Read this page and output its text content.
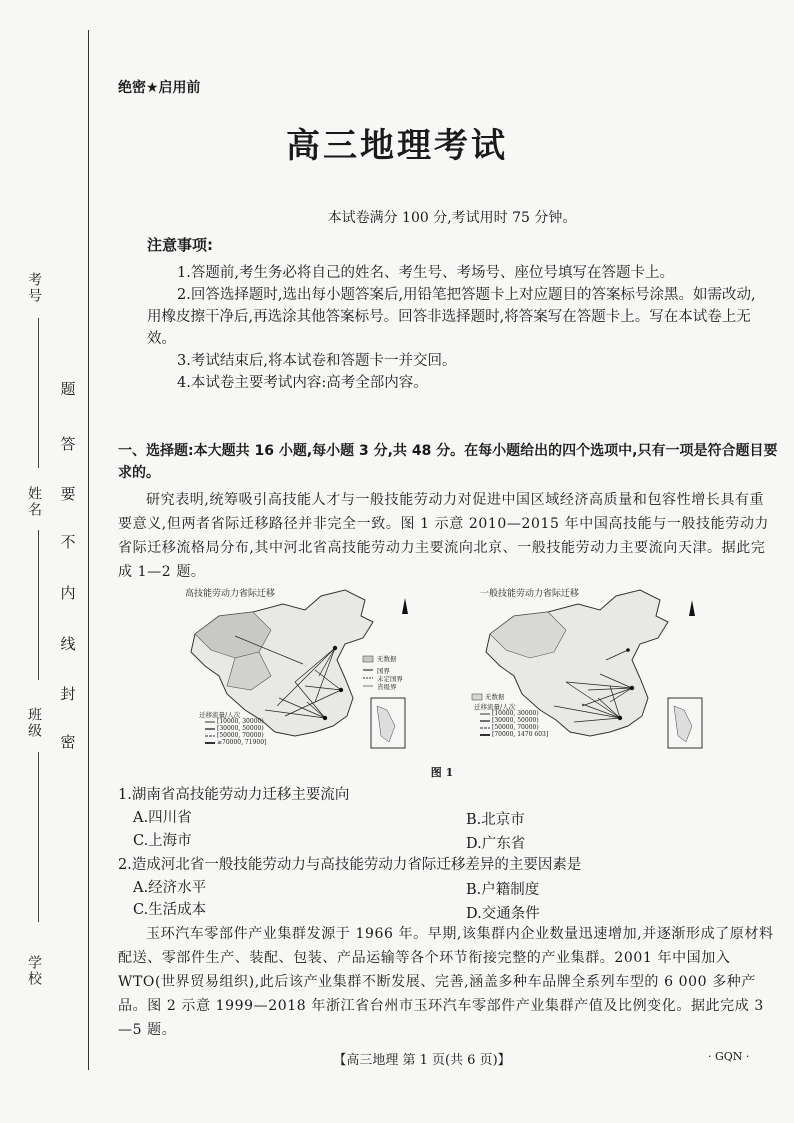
考号
姓名
班级
学校
题
答
要
不
内
线
封
密
绝密★启用前
高三地理考试
本试卷满分 100 分,考试用时 75 分钟。
注意事项:

1.答题前,考生务必将自己的姓名、考生号、考场号、座位号填写在答题卡上。

2.回答选择题时,选出每小题答案后,用铅笔把答题卡上对应题目的答案标号涂黑。如需改动,用橡皮擦干净后,再选涂其他答案标号。回答非选择题时,将答案写在答题卡上。写在本试卷上无效。

3.考试结束后,将本试卷和答题卡一并交回。

4.本试卷主要考试内容:高考全部内容。

一、选择题:本大题共 16 小题,每小题 3 分,共 48 分。在每小题给出的四个选项中,只有一项是符合题目要求的。
研究表明,统筹吸引高技能人才与一般技能劳动力对促进中国区域经济高质量和包容性增长具有重要意义,但两者省际迁移路径并非完全一致。图 1 示意 2010—2015 年中国高技能与一般技能劳动力省际迁移流格局分布,其中河北省高技能劳动力主要流向北京、一般技能劳动力主要流向天津。据此完成 1—2 题。
高技能劳动力省际迁移
无数据
国界
未定国界
省级界
迁移流量/人次
[10000, 30000)
[30000, 50000)
[50000, 70000)
≥70000, 71900]
一般技能劳动力省际迁移
无数据
迁移流量/人次
[10000, 30000)
[30000, 50000)
[50000, 70000)
[70000, 1470 603]
图 1
1.湖南省高技能劳动力迁移主要流向
A.四川省	B.北京市
C.上海市	D.广东省
2.造成河北省一般技能劳动力与高技能劳动力省际迁移差异的主要因素是
A.经济水平	B.户籍制度
C.生活成本	D.交通条件
玉环汽车零部件产业集群发源于 1966 年。早期,该集群内企业数量迅速增加,并逐渐形成了原材料配送、零部件生产、装配、包装、产品运输等各个环节衔接完整的产业集群。2001 年中国加入 WTO(世界贸易组织),此后该产业集群不断发展、完善,涵盖多种车品牌全系列车型的 6 000 多种产品。图 2 示意 1999—2018 年浙江省台州市玉环汽车零部件产业集群产值及比例变化。据此完成 3—5 题。
【高三地理 第 1 页(共 6 页)】	· GQN ·
